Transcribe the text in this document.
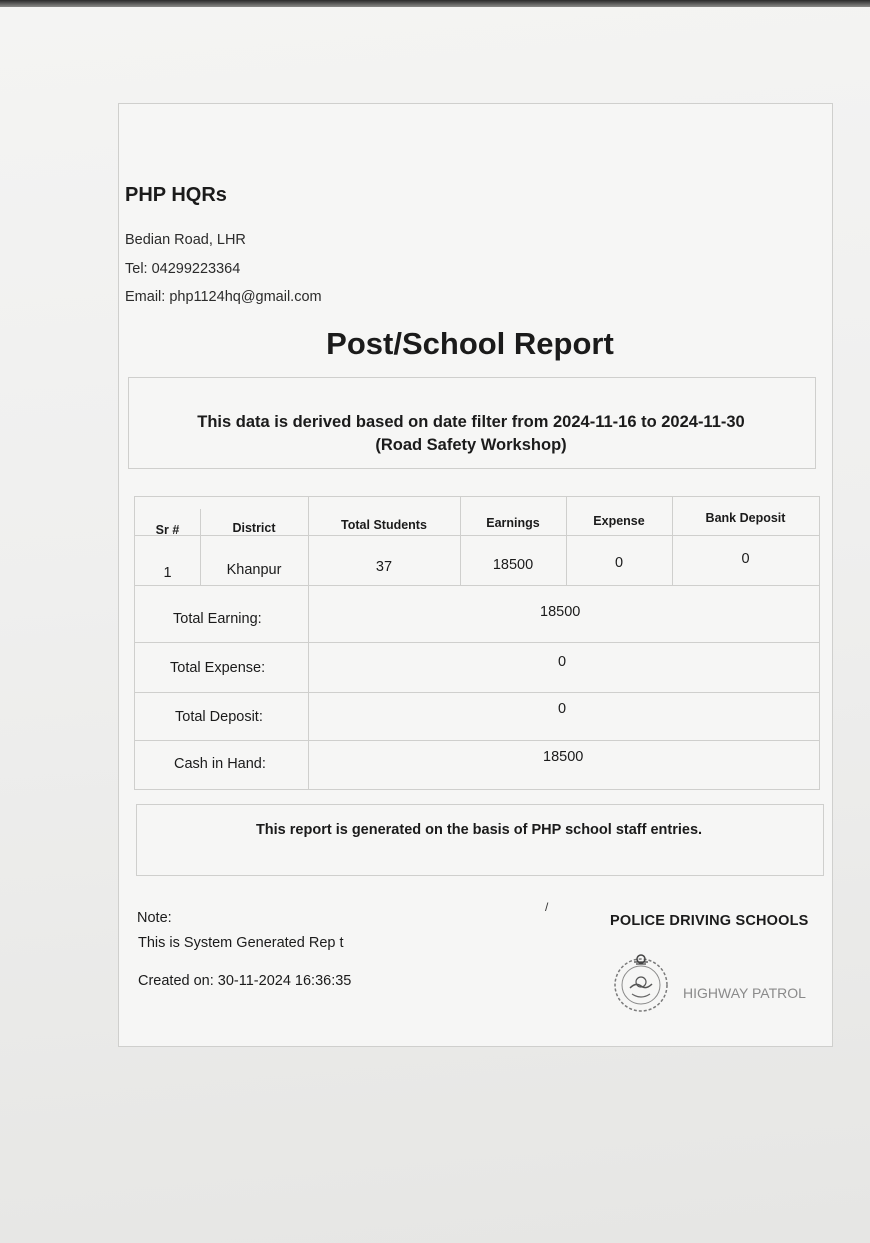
PHP HQRs
Bedian Road, LHR
Tel: 04299223364
Email: php1124hq@gmail.com
Post/School Report
This data is derived based on date filter from 2024-11-16 to 2024-11-30
(Road Safety Workshop)
Sr #	District	Total Students	Earnings	Expense	Bank Deposit
1	Khanpur	37	18500	0	0
Total Earning:	18500
Total Expense:	0
Total Deposit:	0
Cash in Hand:	18500
This report is generated on the basis of PHP school staff entries.
/
Note:
This is System Generated Rep t
Created on: 30-11-2024 16:36:35
POLICE DRIVING SCHOOLS
HIGHWAY PATROL
